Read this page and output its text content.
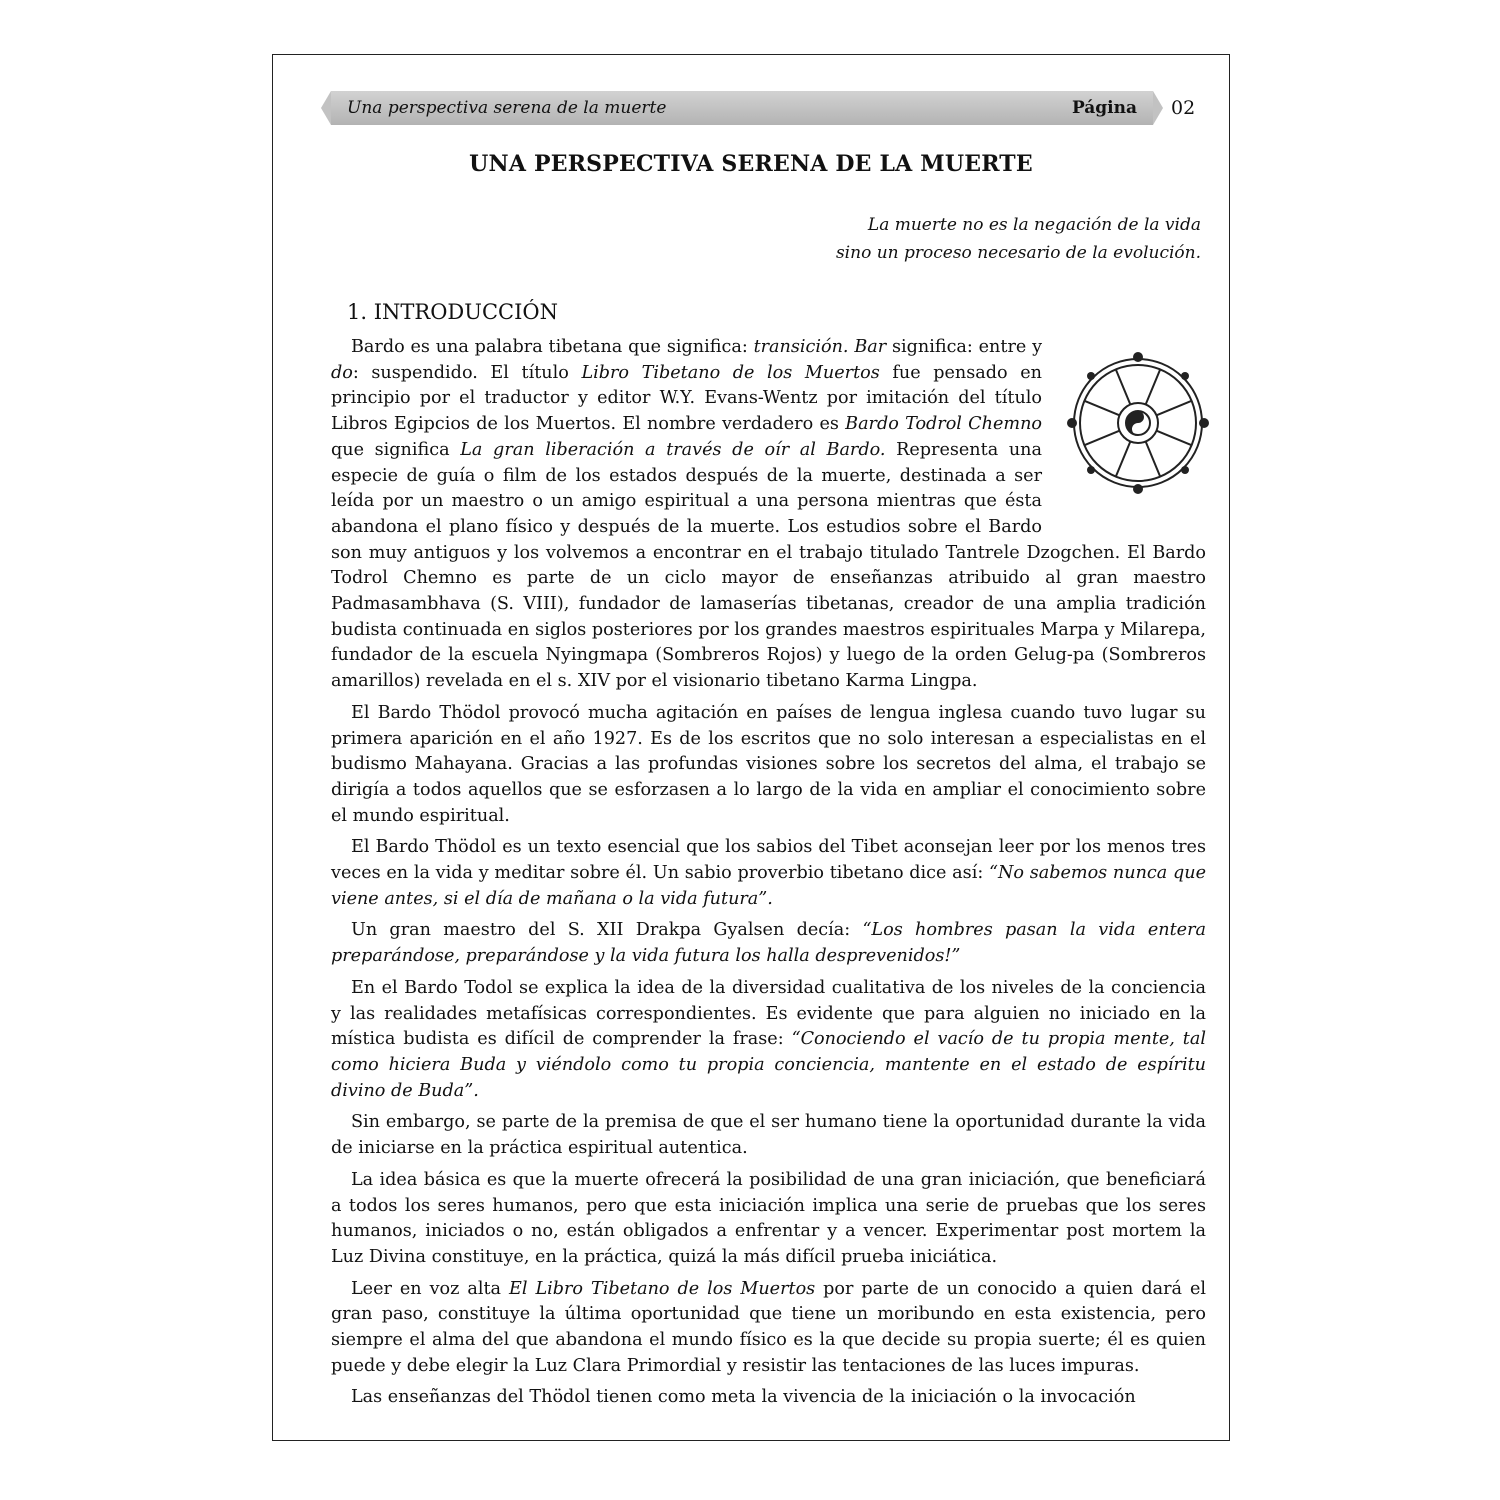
Una perspectiva serena de la muerte	Página 02
UNA PERSPECTIVA SERENA DE LA MUERTE
La muerte no es la negación de la vida
sino un proceso necesario de la evolución.
1. INTRODUCCIÓN

Bardo es una palabra tibetana que significa: transición. Bar significa: entre y do: suspendido. El título Libro Tibetano de los Muertos fue pensado en principio por el traductor y editor W.Y. Evans-Wentz por imitación del título Libros Egipcios de los Muertos. El nombre verdadero es Bardo Todrol Chemno que significa La gran liberación a través de oír al Bardo. Representa una especie de guía o film de los estados después de la muerte, destinada a ser leída por un maestro o un amigo espiritual a una persona mientras que ésta abandona el plano físico y después de la muerte. Los estudios sobre el Bardo son muy antiguos y los volvemos a encontrar en el trabajo titulado Tantrele Dzogchen. El Bardo Todrol Chemno es parte de un ciclo mayor de enseñanzas atribuido al gran maestro Padmasambhava (S. VIII), fundador de lamaserías tibetanas, creador de una amplia tradición budista continuada en siglos posteriores por los grandes maestros espirituales Marpa y Milarepa, fundador de la escuela Nyingmapa (Sombreros Rojos) y luego de la orden Gelug-pa (Sombreros amarillos) revelada en el s. XIV por el visionario tibetano Karma Lingpa.

El Bardo Thödol provocó mucha agitación en países de lengua inglesa cuando tuvo lugar su primera aparición en el año 1927. Es de los escritos que no solo interesan a especialistas en el budismo Mahayana. Gracias a las profundas visiones sobre los secretos del alma, el trabajo se dirigía a todos aquellos que se esforzasen a lo largo de la vida en ampliar el conocimiento sobre el mundo espiritual.

El Bardo Thödol es un texto esencial que los sabios del Tibet aconsejan leer por los menos tres veces en la vida y meditar sobre él. Un sabio proverbio tibetano dice así: “No sabemos nunca que viene antes, si el día de mañana o la vida futura”.

Un gran maestro del S. XII Drakpa Gyalsen decía: “Los hombres pasan la vida entera preparándose, preparándose y la vida futura los halla desprevenidos!”

En el Bardo Todol se explica la idea de la diversidad cualitativa de los niveles de la conciencia y las realidades metafísicas correspondientes. Es evidente que para alguien no iniciado en la mística budista es difícil de comprender la frase: “Conociendo el vacío de tu propia mente, tal como hiciera Buda y viéndolo como tu propia conciencia, mantente en el estado de espíritu divino de Buda”.

Sin embargo, se parte de la premisa de que el ser humano tiene la oportunidad durante la vida de iniciarse en la práctica espiritual autentica.

La idea básica es que la muerte ofrecerá la posibilidad de una gran iniciación, que beneficiará a todos los seres humanos, pero que esta iniciación implica una serie de pruebas que los seres humanos, iniciados o no, están obligados a enfrentar y a vencer. Experimentar post mortem la Luz Divina constituye, en la práctica, quizá la más difícil prueba iniciática.

Leer en voz alta El Libro Tibetano de los Muertos por parte de un conocido a quien dará el gran paso, constituye la última oportunidad que tiene un moribundo en esta existencia, pero siempre el alma del que abandona el mundo físico es la que decide su propia suerte; él es quien puede y debe elegir la Luz Clara Primordial y resistir las tentaciones de las luces impuras.

Las enseñanzas del Thödol tienen como meta la vivencia de la iniciación o la invocación
